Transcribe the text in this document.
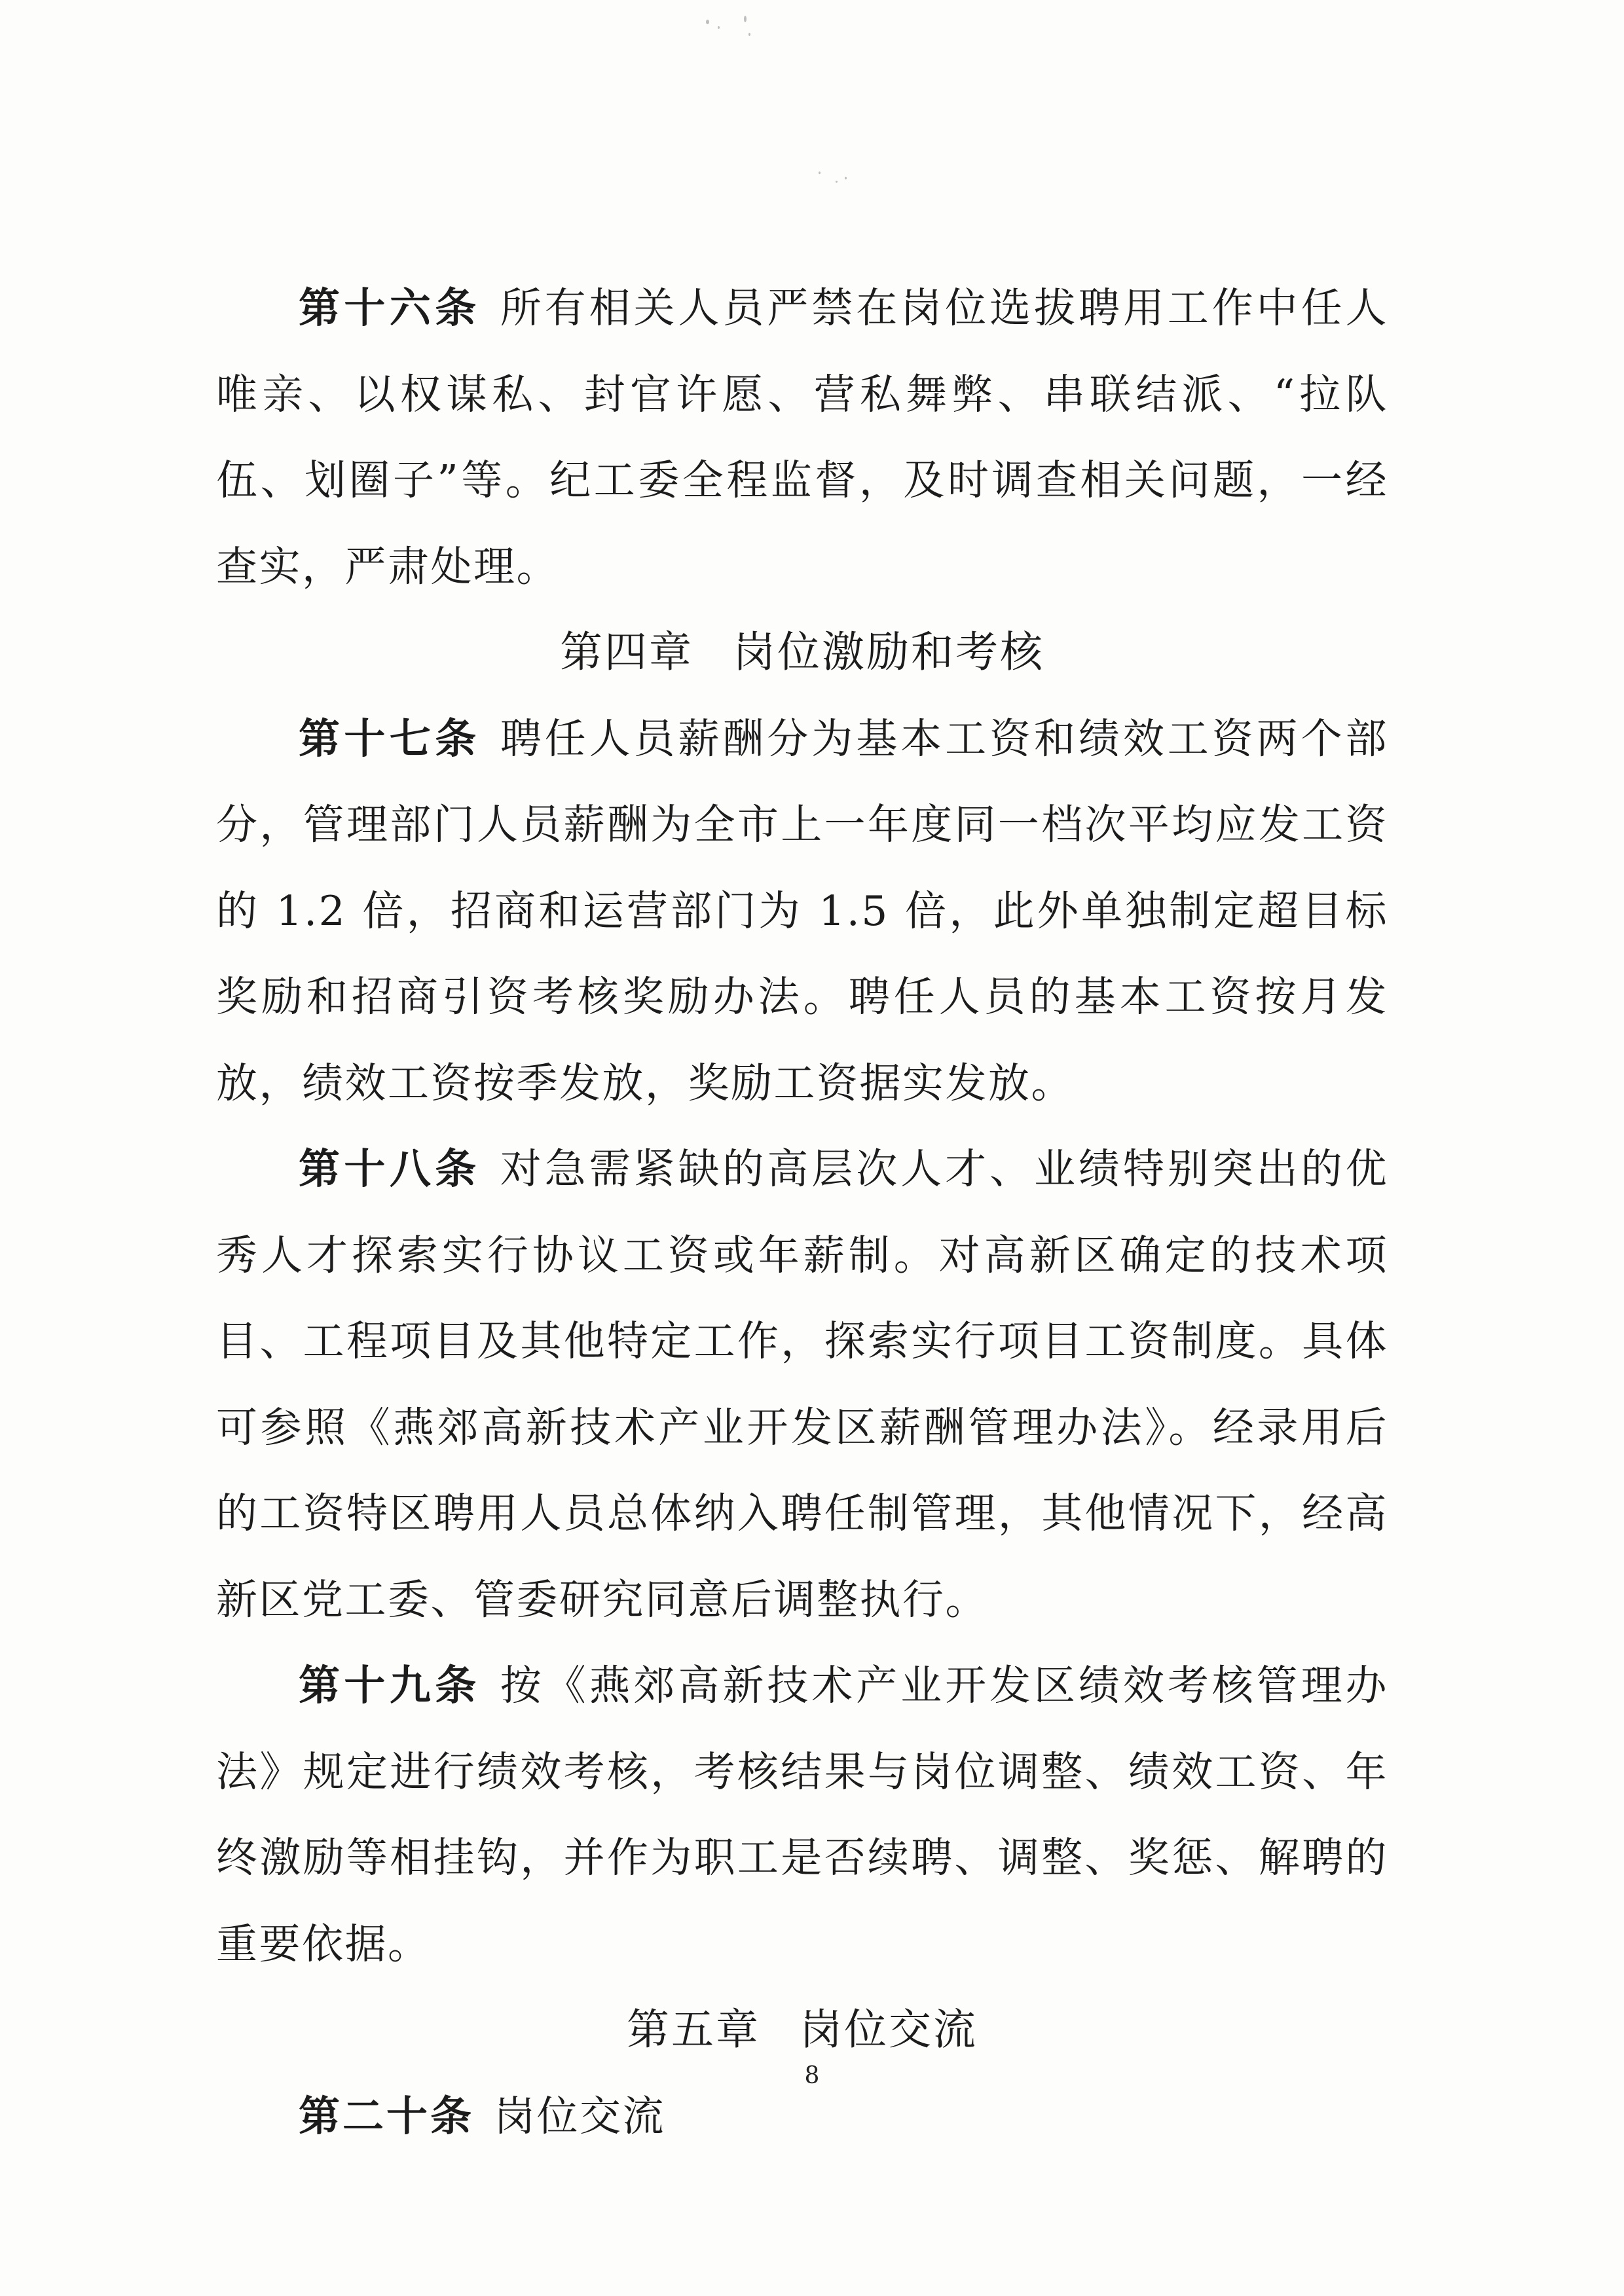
第十六条 所有相关人员严禁在岗位选拔聘用工作中任人唯亲、以权谋私、封官许愿、营私舞弊、串联结派、“拉队伍、划圈子”等。纪工委全程监督，及时调查相关问题，一经查实，严肃处理。

第四章 岗位激励和考核

第十七条 聘任人员薪酬分为基本工资和绩效工资两个部分，管理部门人员薪酬为全市上一年度同一档次平均应发工资的 1.2 倍，招商和运营部门为 1.5 倍，此外单独制定超目标奖励和招商引资考核奖励办法。聘任人员的基本工资按月发放，绩效工资按季发放，奖励工资据实发放。

第十八条 对急需紧缺的高层次人才、业绩特别突出的优秀人才探索实行协议工资或年薪制。对高新区确定的技术项目、工程项目及其他特定工作，探索实行项目工资制度。具体可参照《燕郊高新技术产业开发区薪酬管理办法》。经录用后的工资特区聘用人员总体纳入聘任制管理，其他情况下，经高新区党工委、管委研究同意后调整执行。

第十九条 按《燕郊高新技术产业开发区绩效考核管理办法》规定进行绩效考核，考核结果与岗位调整、绩效工资、年终激励等相挂钩，并作为职工是否续聘、调整、奖惩、解聘的重要依据。

第五章 岗位交流

第二十条 岗位交流

8
